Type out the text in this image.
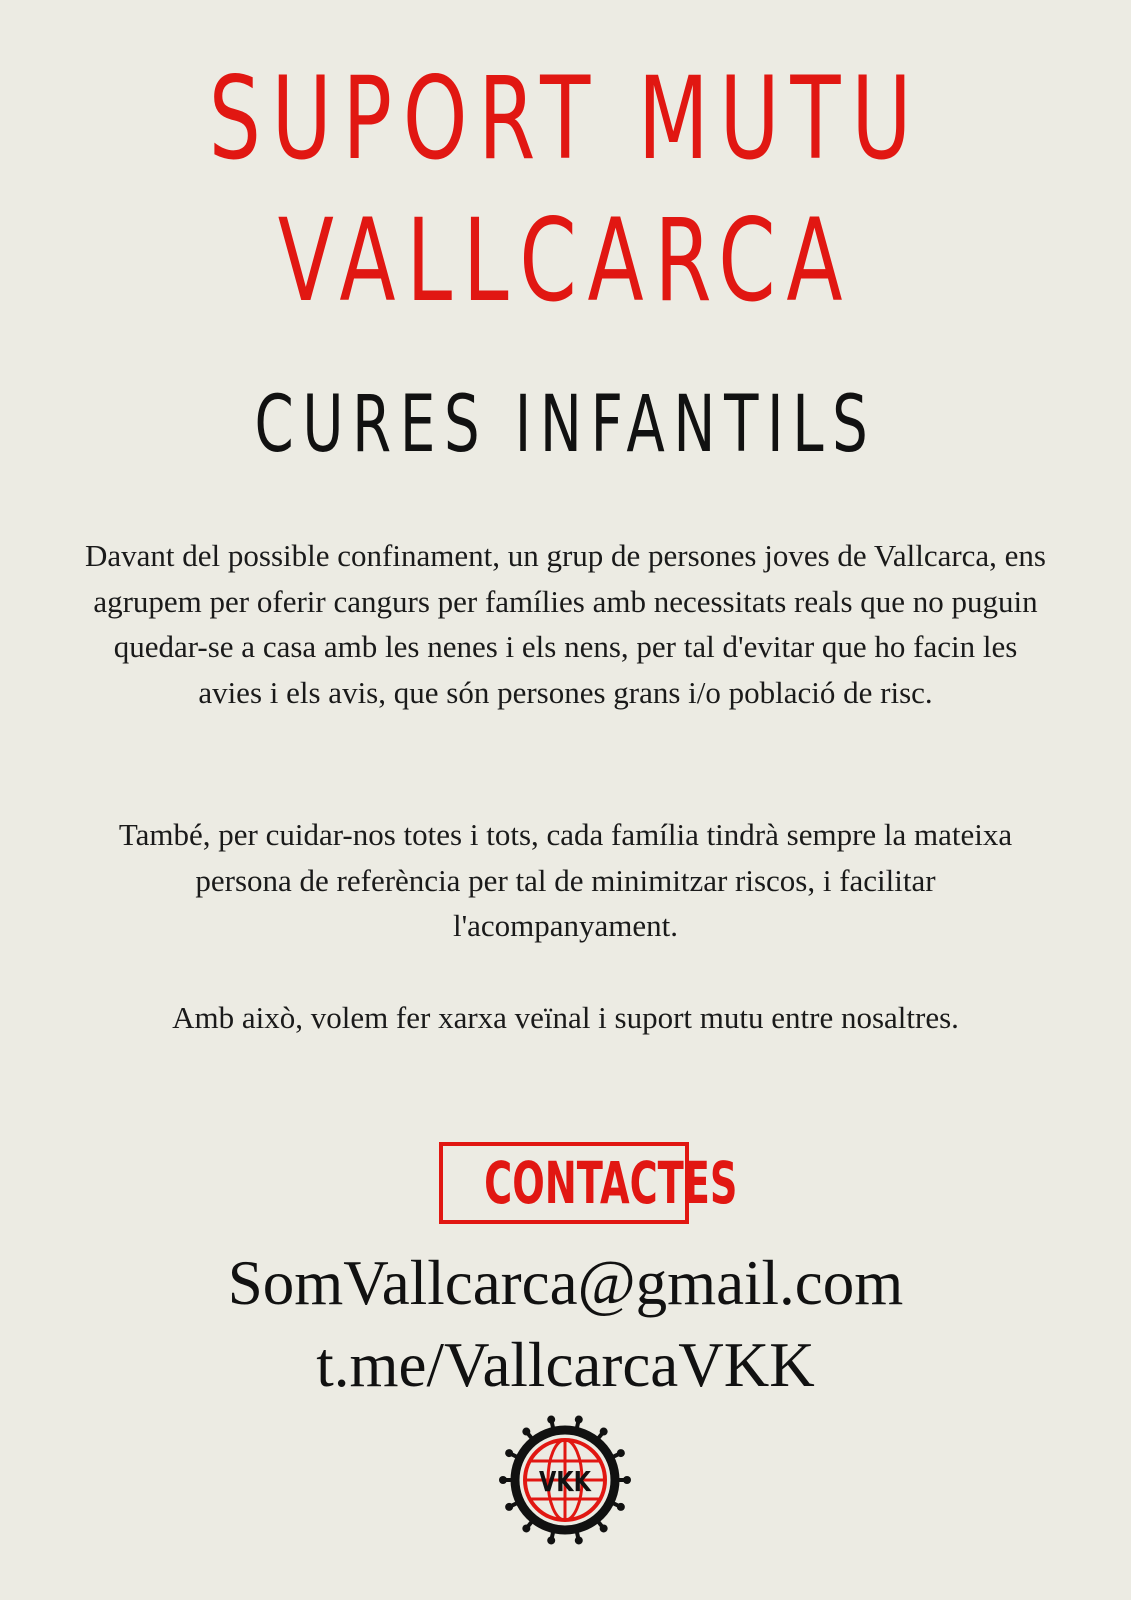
SUPORT MUTU
VALLCARCA
CURES INFANTILS

Davant del possible confinament, un grup de persones joves de Vallcarca, ens agrupem per oferir cangurs per famílies amb necessitats reals que no puguin quedar-se a casa amb les nenes i els nens, per tal d'evitar que ho facin les avies i els avis, que són persones grans i/o població de risc.

També, per cuidar-nos totes i tots, cada família tindrà sempre la mateixa persona de referència per tal de minimitzar riscos, i facilitar l'acompanyament.

Amb això, volem fer xarxa veïnal i suport mutu entre nosaltres.

CONTACTES
SomVallcarca@gmail.com
t.me/VallcarcaVKK
VKK
